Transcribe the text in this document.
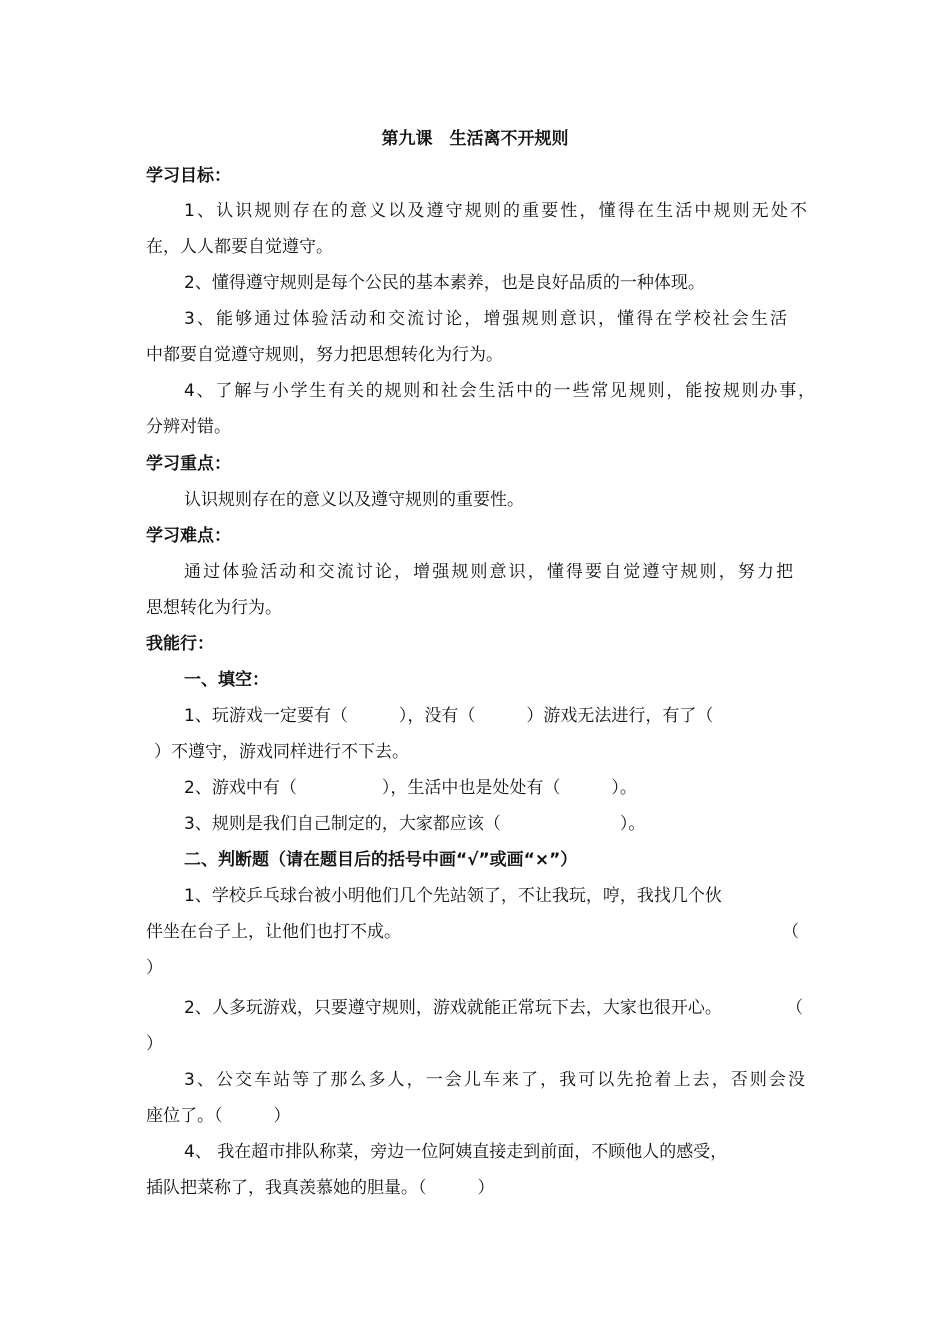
第九课　生活离不开规则
学习目标：
1、认识规则存在的意义以及遵守规则的重要性，懂得在生活中规则无处不
在，人人都要自觉遵守。
2、懂得遵守规则是每个公民的基本素养，也是良好品质的一种体现。
3、能够通过体验活动和交流讨论，增强规则意识，懂得在学校社会生活
中都要自觉遵守规则，努力把思想转化为行为。
4、了解与小学生有关的规则和社会生活中的一些常见规则，能按规则办事，
分辨对错。
学习重点：
认识规则存在的意义以及遵守规则的重要性。
学习难点：
通过体验活动和交流讨论，增强规则意识，懂得要自觉遵守规则，努力把
思想转化为行为。
我能行：
一、填空：
1、玩游戏一定要有（　　　），没有（　　　）游戏无法进行，有了（
）不遵守，游戏同样进行不下去。
2、游戏中有（　　　　　），生活中也是处处有（　　　）。
3、规则是我们自己制定的，大家都应该（　　　　　　　）。
二、判断题（请在题目后的括号中画“√”或画“×”）
1、学校乒乓球台被小明他们几个先站领了，不让我玩，哼，我找几个伙
伴坐在台子上，让他们也打不成。	（
）
2、人多玩游戏，只要遵守规则，游戏就能正常玩下去，大家也很开心。	（
）
3、公交车站等了那么多人，一会儿车来了，我可以先抢着上去，否则会没
座位了。（　　　）
4、 我在超市排队称菜，旁边一位阿姨直接走到前面，不顾他人的感受，
插队把菜称了，我真羡慕她的胆量。（　　　）
